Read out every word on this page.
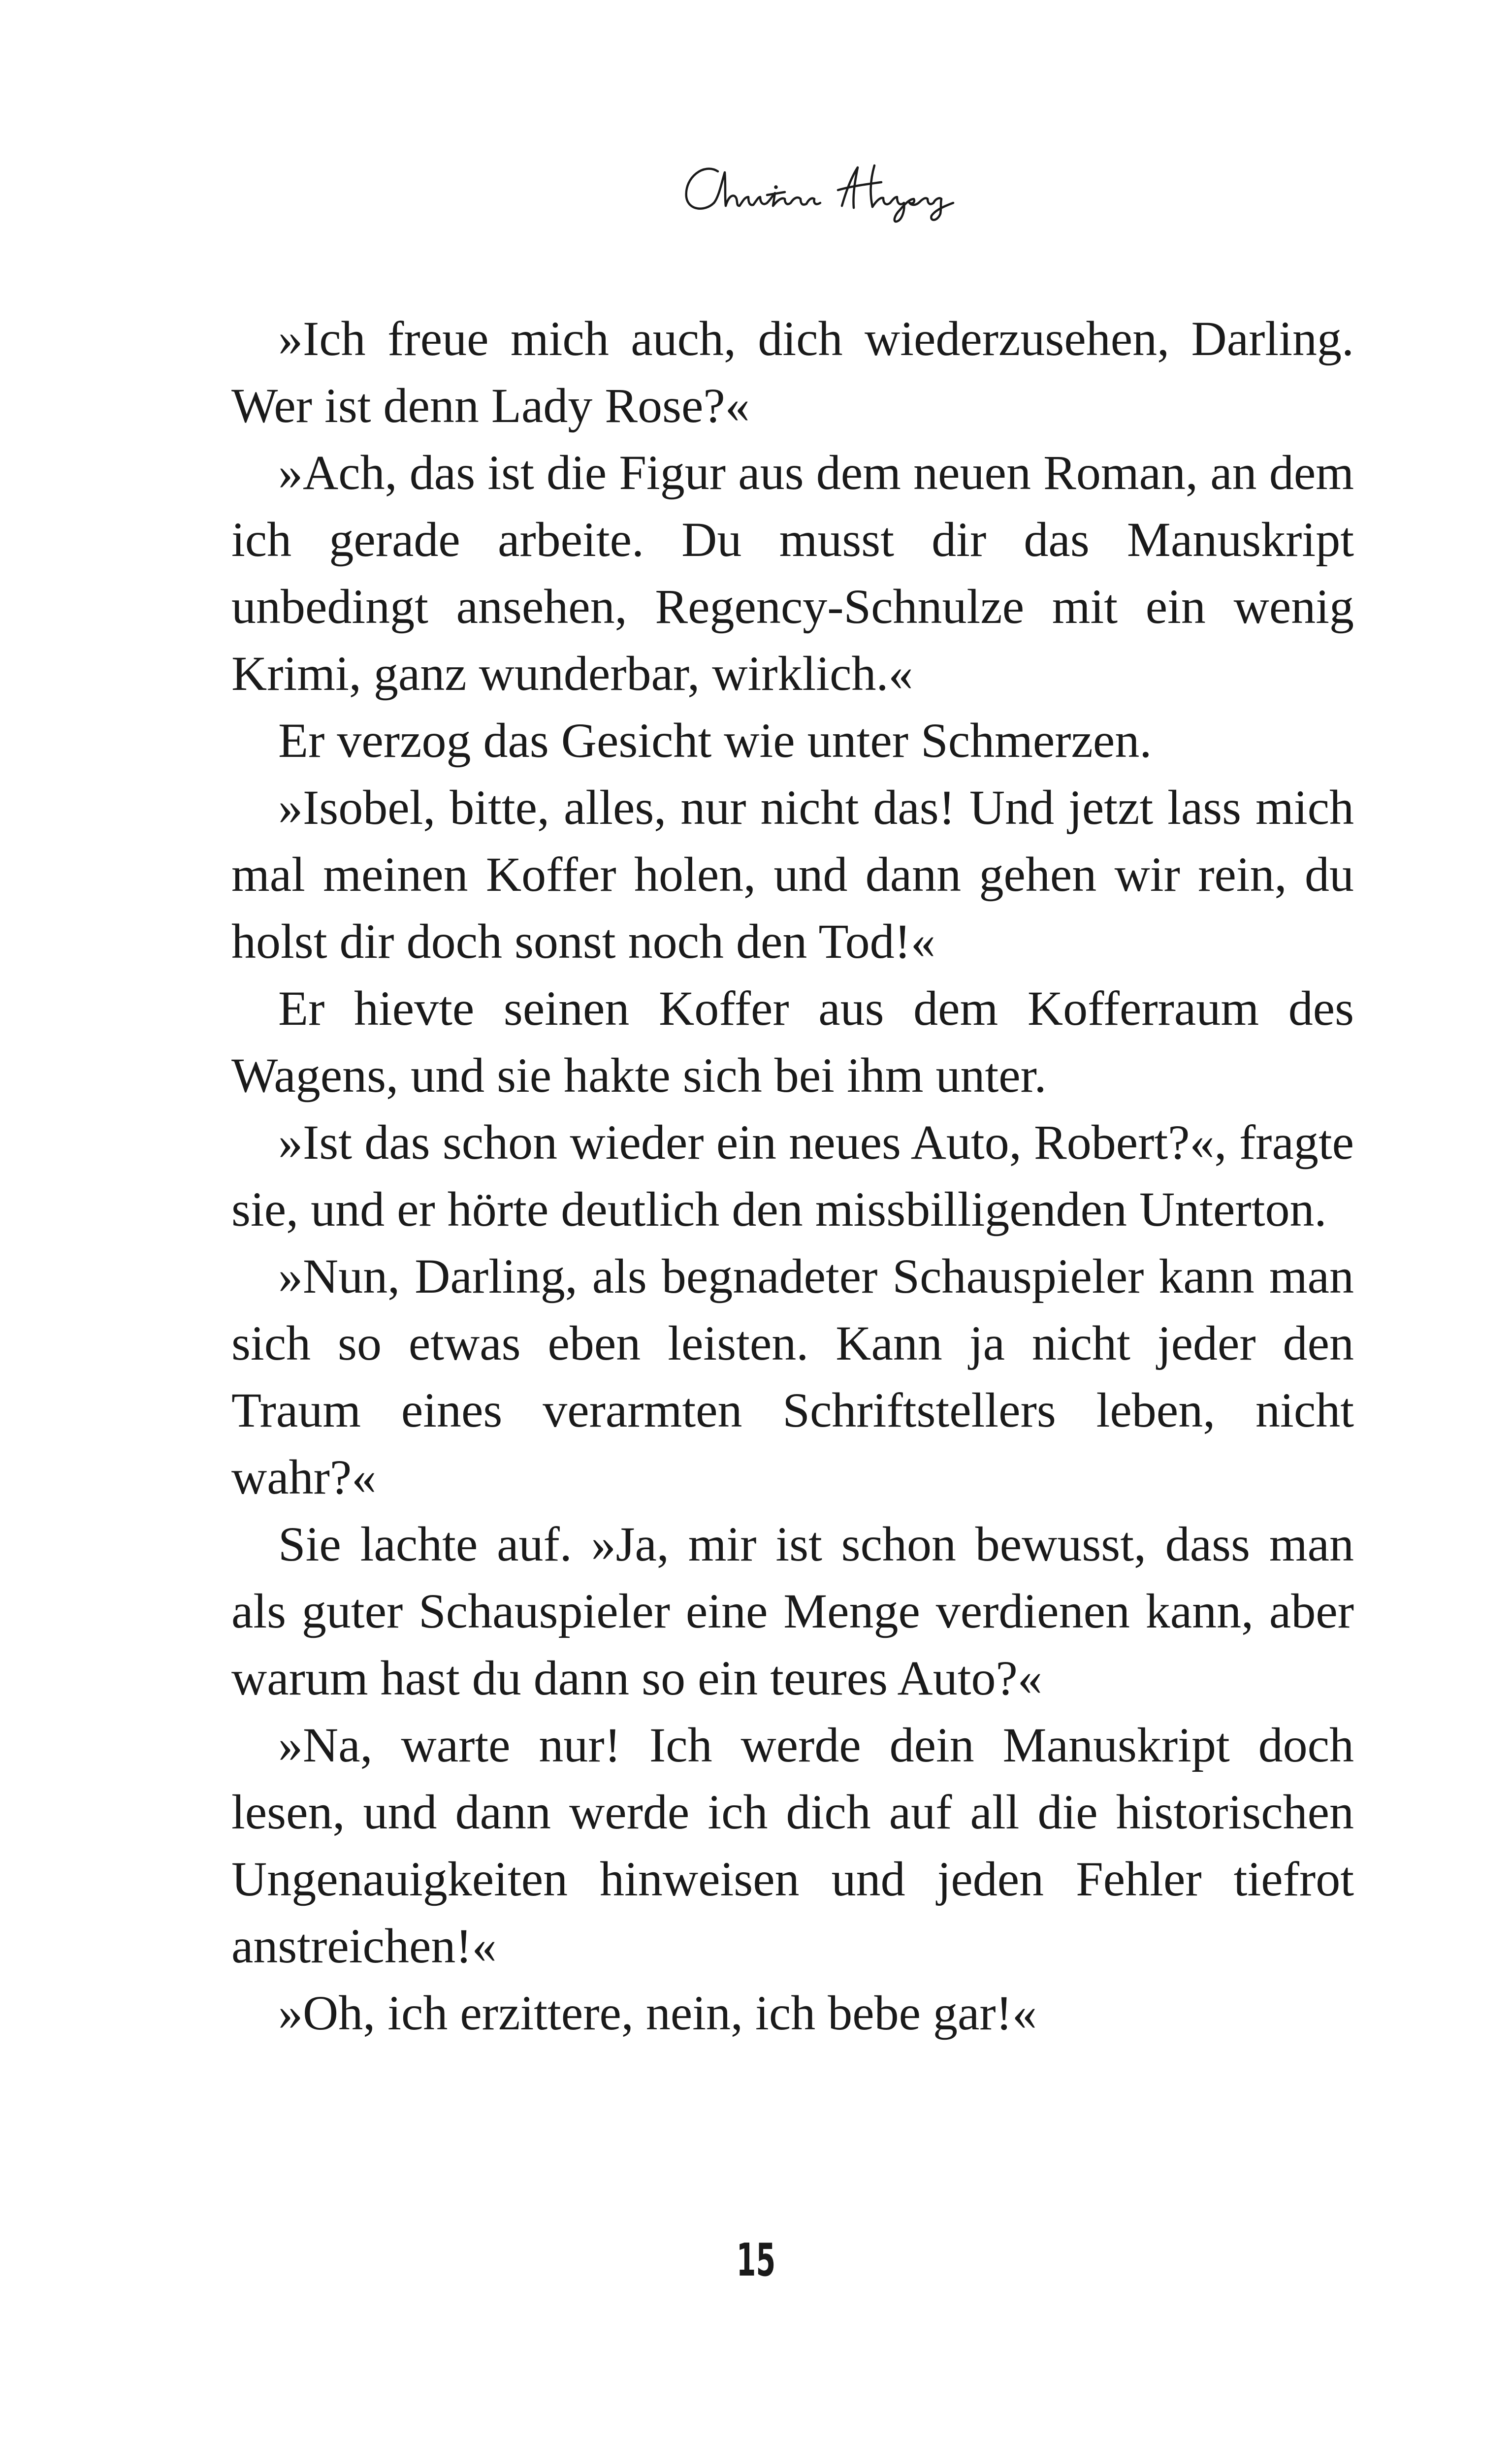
»Ich freue mich auch, dich wiederzusehen, Darling. Wer ist denn Lady Rose?«

»Ach, das ist die Figur aus dem neuen Roman, an dem ich gerade arbeite. Du musst dir das Manuskript unbedingt ansehen, Regency-Schnulze mit ein wenig Krimi, ganz wunderbar, wirklich.«

Er verzog das Gesicht wie unter Schmerzen.

»Isobel, bitte, alles, nur nicht das! Und jetzt lass mich mal meinen Koffer holen, und dann gehen wir rein, du holst dir doch sonst noch den Tod!«

Er hievte seinen Koffer aus dem Kofferraum des Wagens, und sie hakte sich bei ihm unter.

»Ist das schon wieder ein neues Auto, Robert?«, fragte sie, und er hörte deutlich den missbilligenden Unterton.

»Nun, Darling, als begnadeter Schauspieler kann man sich so etwas eben leisten. Kann ja nicht jeder den Traum eines verarmten Schriftstellers leben, nicht wahr?«

Sie lachte auf. »Ja, mir ist schon bewusst, dass man als guter Schauspieler eine Menge verdienen kann, aber warum hast du dann so ein teures Auto?«

»Na, warte nur! Ich werde dein Manuskript doch lesen, und dann werde ich dich auf all die historischen Ungenauigkeiten hinweisen und jeden Fehler tiefrot anstreichen!«

»Oh, ich erzittere, nein, ich bebe gar!«

15
